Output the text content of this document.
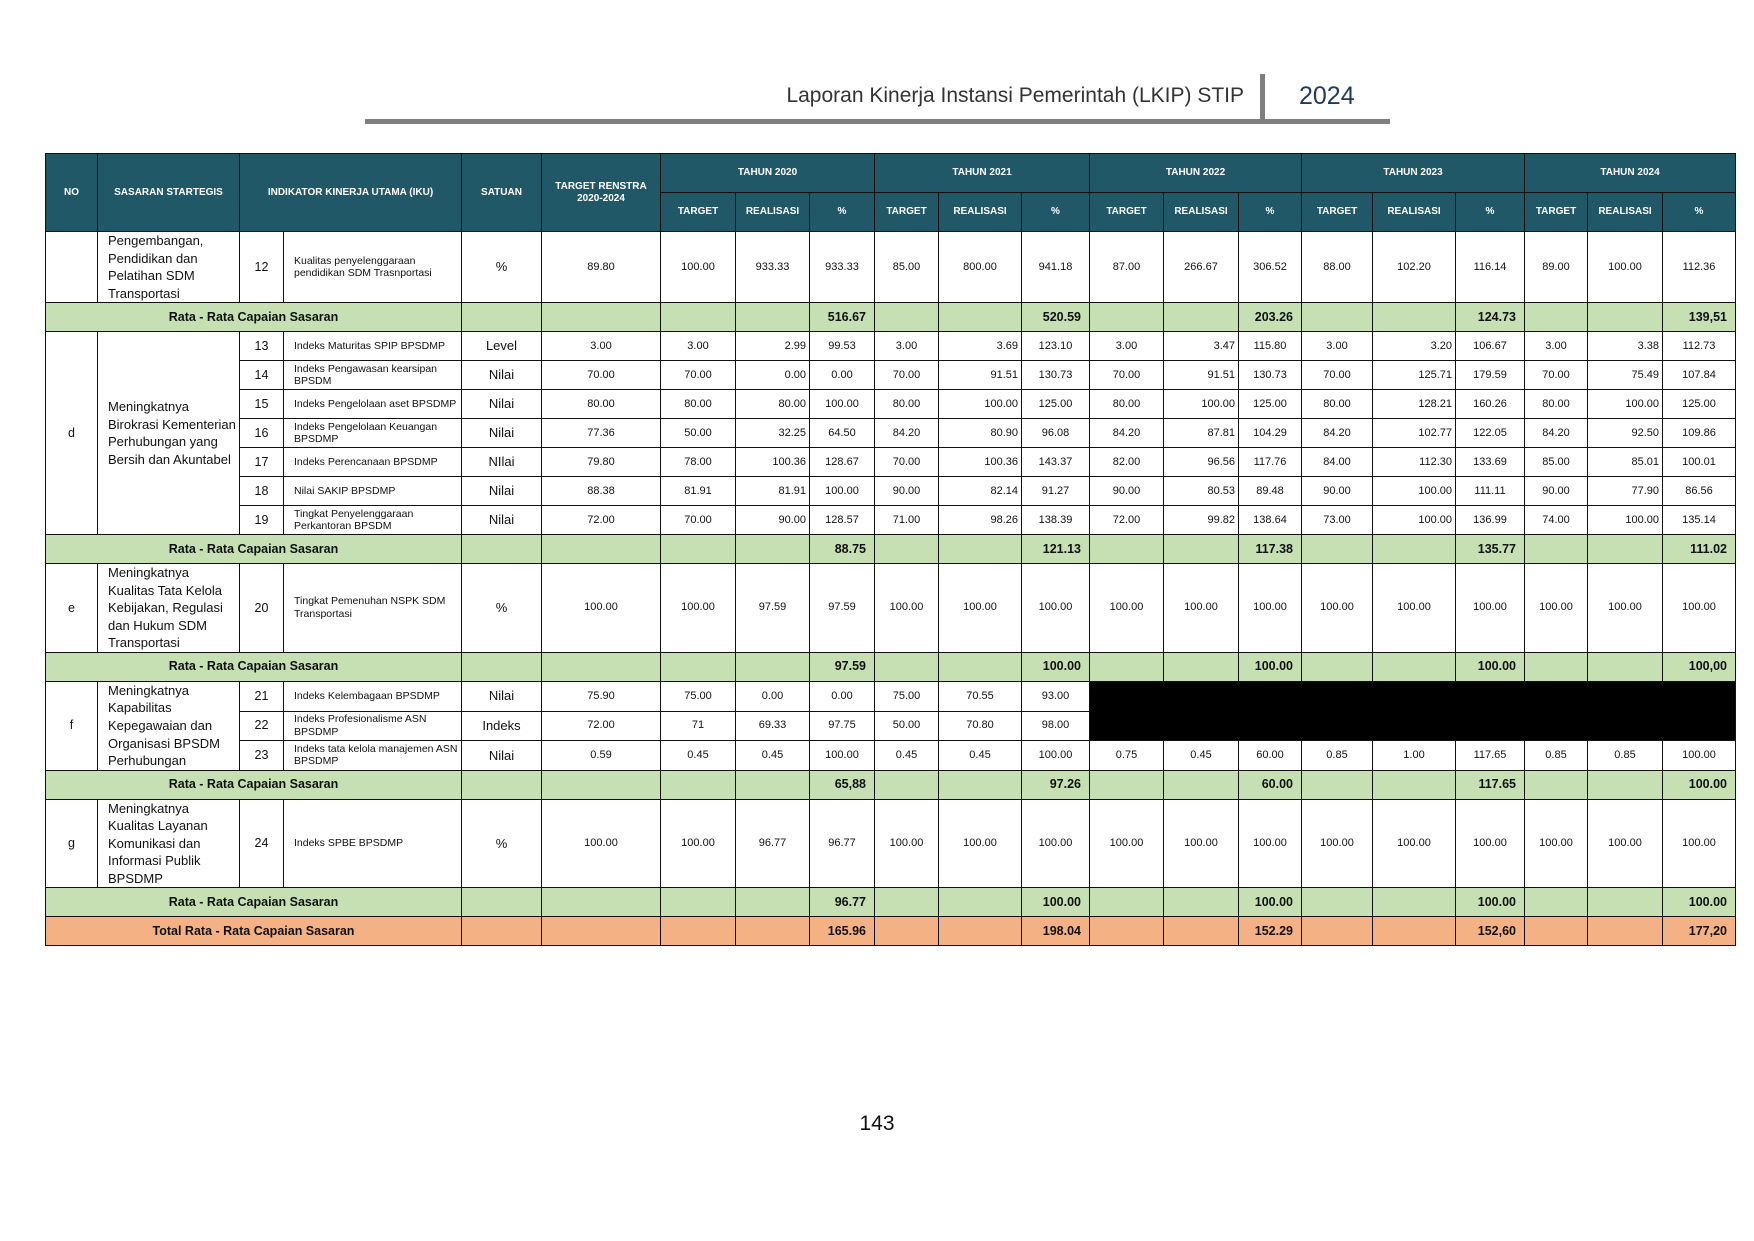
Laporan Kinerja Instansi Pemerintah (LKIP) STIP 2024
NO	SASARAN STARTEGIS	INDIKATOR KINERJA UTAMA (IKU)		SATUAN	TARGET RENSTRA 2020-2024	TAHUN 2020			TAHUN 2021			TAHUN 2022			TAHUN 2023			TAHUN 2024		
						TARGET	REALISASI	%	TARGET	REALISASI	%	TARGET	REALISASI	%	TARGET	REALISASI	%	TARGET	REALISASI	%
	Pengembangan, Pendidikan dan Pelatihan SDM Transportasi	12	Kualitas penyelenggaraan pendidikan SDM Trasnportasi	%	89.80	100.00	933.33	933.33	85.00	800.00	941.18	87.00	266.67	306.52	88.00	102.20	116.14	89.00	100.00	112.36
Rata - Rata Capaian Sasaran								516.67			520.59			203.26			124.73			139,51
d	Meningkatnya Birokrasi Kementerian Perhubungan yang Bersih dan Akuntabel	13	Indeks Maturitas SPIP BPSDMP	Level	3.00	3.00	2.99	99.53	3.00	3.69	123.10	3.00	3.47	115.80	3.00	3.20	106.67	3.00	3.38	112.73
		14	Indeks Pengawasan kearsipan BPSDM	Nilai	70.00	70.00	0.00	0.00	70.00	91.51	130.73	70.00	91.51	130.73	70.00	125.71	179.59	70.00	75.49	107.84
		15	Indeks Pengelolaan aset BPSDMP	Nilai	80.00	80.00	80.00	100.00	80.00	100.00	125.00	80.00	100.00	125.00	80.00	128.21	160.26	80.00	100.00	125.00
		16	Indeks Pengelolaan Keuangan BPSDMP	Nilai	77.36	50.00	32.25	64.50	84.20	80.90	96.08	84.20	87.81	104.29	84.20	102.77	122.05	84.20	92.50	109.86
		17	Indeks Perencanaan BPSDMP	NIlai	79.80	78.00	100.36	128.67	70.00	100.36	143.37	82.00	96.56	117.76	84.00	112.30	133.69	85.00	85.01	100.01
		18	Nilai SAKIP BPSDMP	Nilai	88.38	81.91	81.91	100.00	90.00	82.14	91.27	90.00	80.53	89.48	90.00	100.00	111.11	90.00	77.90	86.56
		19	Tingkat Penyelenggaraan Perkantoran BPSDM	Nilai	72.00	70.00	90.00	128.57	71.00	98.26	138.39	72.00	99.82	138.64	73.00	100.00	136.99	74.00	100.00	135.14
Rata - Rata Capaian Sasaran								88.75			121.13			117.38			135.77			111.02
e	Meningkatnya Kualitas Tata Kelola Kebijakan, Regulasi dan Hukum SDM Transportasi	20	Tingkat Pemenuhan NSPK SDM Transportasi	%	100.00	100.00	97.59	97.59	100.00	100.00	100.00	100.00	100.00	100.00	100.00	100.00	100.00	100.00	100.00	100.00
Rata - Rata Capaian Sasaran								97.59			100.00			100.00			100.00			100,00
f	Meningkatnya Kapabilitas Kepegawaian dan Organisasi BPSDM Perhubungan	21	Indeks Kelembagaan BPSDMP	Nilai	75.90	75.00	0.00	0.00	75.00	70.55	93.00									
		22	Indeks Profesionalisme ASN BPSDMP	Indeks	72.00	71	69.33	97.75	50.00	70.80	98.00									
		23	Indeks tata kelola manajemen ASN BPSDMP	Nilai	0.59	0.45	0.45	100.00	0.45	0.45	100.00	0.75	0.45	60.00	0.85	1.00	117.65	0.85	0.85	100.00
Rata - Rata Capaian Sasaran								65,88			97.26			60.00			117.65			100.00
g	Meningkatnya Kualitas Layanan Komunikasi dan Informasi Publik BPSDMP	24	Indeks SPBE BPSDMP	%	100.00	100.00	96.77	96.77	100.00	100.00	100.00	100.00	100.00	100.00	100.00	100.00	100.00	100.00	100.00	100.00
Rata - Rata Capaian Sasaran								96.77			100.00			100.00			100.00			100.00
Total Rata - Rata Capaian Sasaran								165.96			198.04			152.29			152,60			177,20
143
